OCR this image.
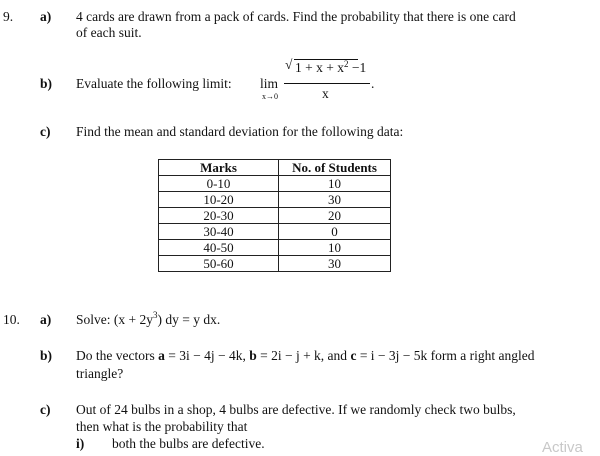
9. a) 4 cards are drawn from a pack of cards. Find the probability that there is one card
of each suit.
b) Evaluate the following limit: lim
x→0
√ $1 + x + x^2 -1$
x
.
c) Find the mean and standard deviation for the following data:
Marks	No. of Students
0-10	10
10-20	30
20-30	20
30-40	0
40-50	10
50-60	30
10. a) Solve: $(x + 2y^3)$ dy = y dx.
b) Do the vectors a = 3i − 4j − 4k, b = 2i − j + k, and c = i − 3j − 5k form a right angled
triangle?
c) Out of 24 bulbs in a shop, 4 bulbs are defective. If we randomly check two bulbs,
then what is the probability that
i) both the bulbs are defective.	Activa
